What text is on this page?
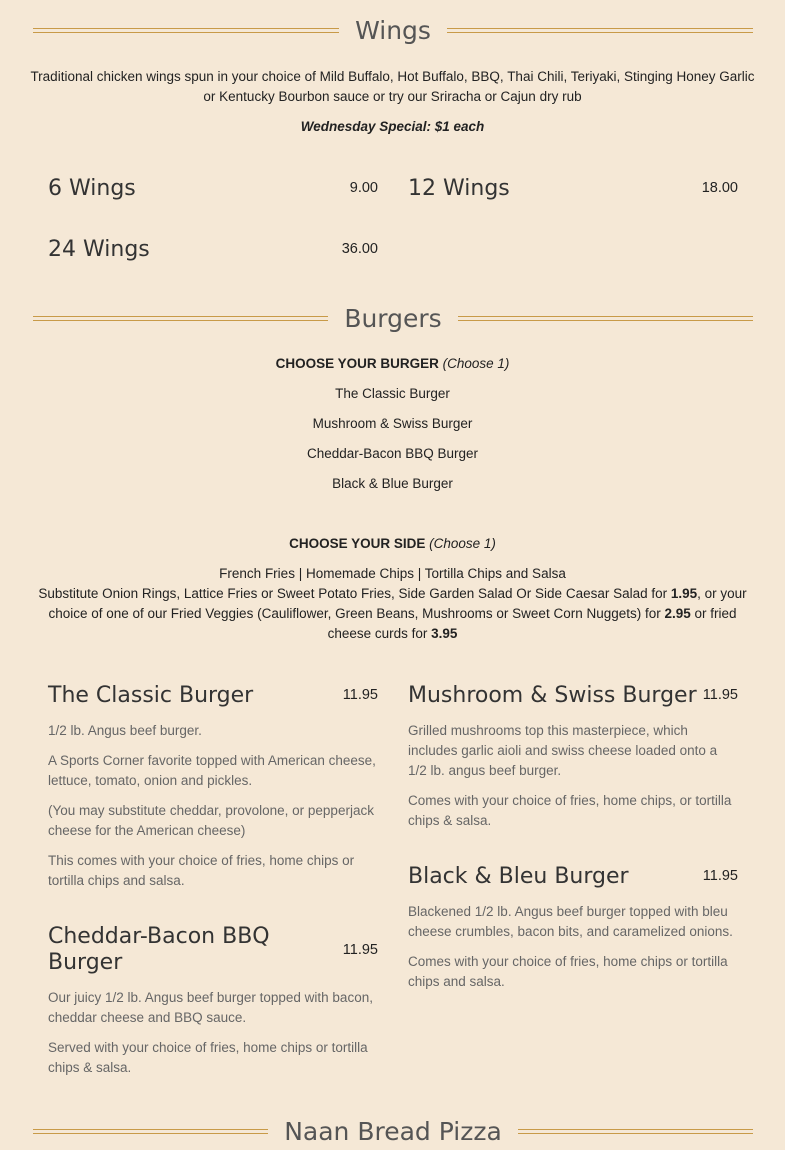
Wings
Traditional chicken wings spun in your choice of Mild Buffalo, Hot Buffalo, BBQ, Thai Chili, Teriyaki, Stinging Honey Garlic or Kentucky Bourbon sauce or try our Sriracha or Cajun dry rub
Wednesday Special: $1 each
6 Wings	9.00 12 Wings	18.00
24 Wings	36.00
Burgers
CHOOSE YOUR BURGER (Choose 1)
The Classic Burger
Mushroom & Swiss Burger
Cheddar-Bacon BBQ Burger
Black & Blue Burger
CHOOSE YOUR SIDE (Choose 1)
French Fries | Homemade Chips | Tortilla Chips and Salsa
Substitute Onion Rings, Lattice Fries or Sweet Potato Fries, Side Garden Salad Or Side Caesar Salad for 1.95, or your choice of one of our Fried Veggies (Cauliflower, Green Beans, Mushrooms or Sweet Corn Nuggets) for 2.95 or fried cheese curds for 3.95
The Classic Burger	11.95

1/2 lb. Angus beef burger.

A Sports Corner favorite topped with American cheese, lettuce, tomato, onion and pickles.

(You may substitute cheddar, provolone, or pepperjack cheese for the American cheese)

This comes with your choice of fries, home chips or tortilla chips and salsa.

Mushroom & Swiss Burger 11.95

Grilled mushrooms top this masterpiece, which includes garlic aioli and swiss cheese loaded onto a 1/2 lb. angus beef burger.

Comes with your choice of fries, home chips, or tortilla chips & salsa.

Black & Bleu Burger	11.95

Blackened 1/2 lb. Angus beef burger topped with bleu cheese crumbles, bacon bits, and caramelized onions.

Comes with your choice of fries, home chips or tortilla chips and salsa.

Cheddar-Bacon BBQ Burger	11.95

Our juicy 1/2 lb. Angus beef burger topped with bacon, cheddar cheese and BBQ sauce.

Served with your choice of fries, home chips or tortilla chips & salsa.

Naan Bread Pizza
